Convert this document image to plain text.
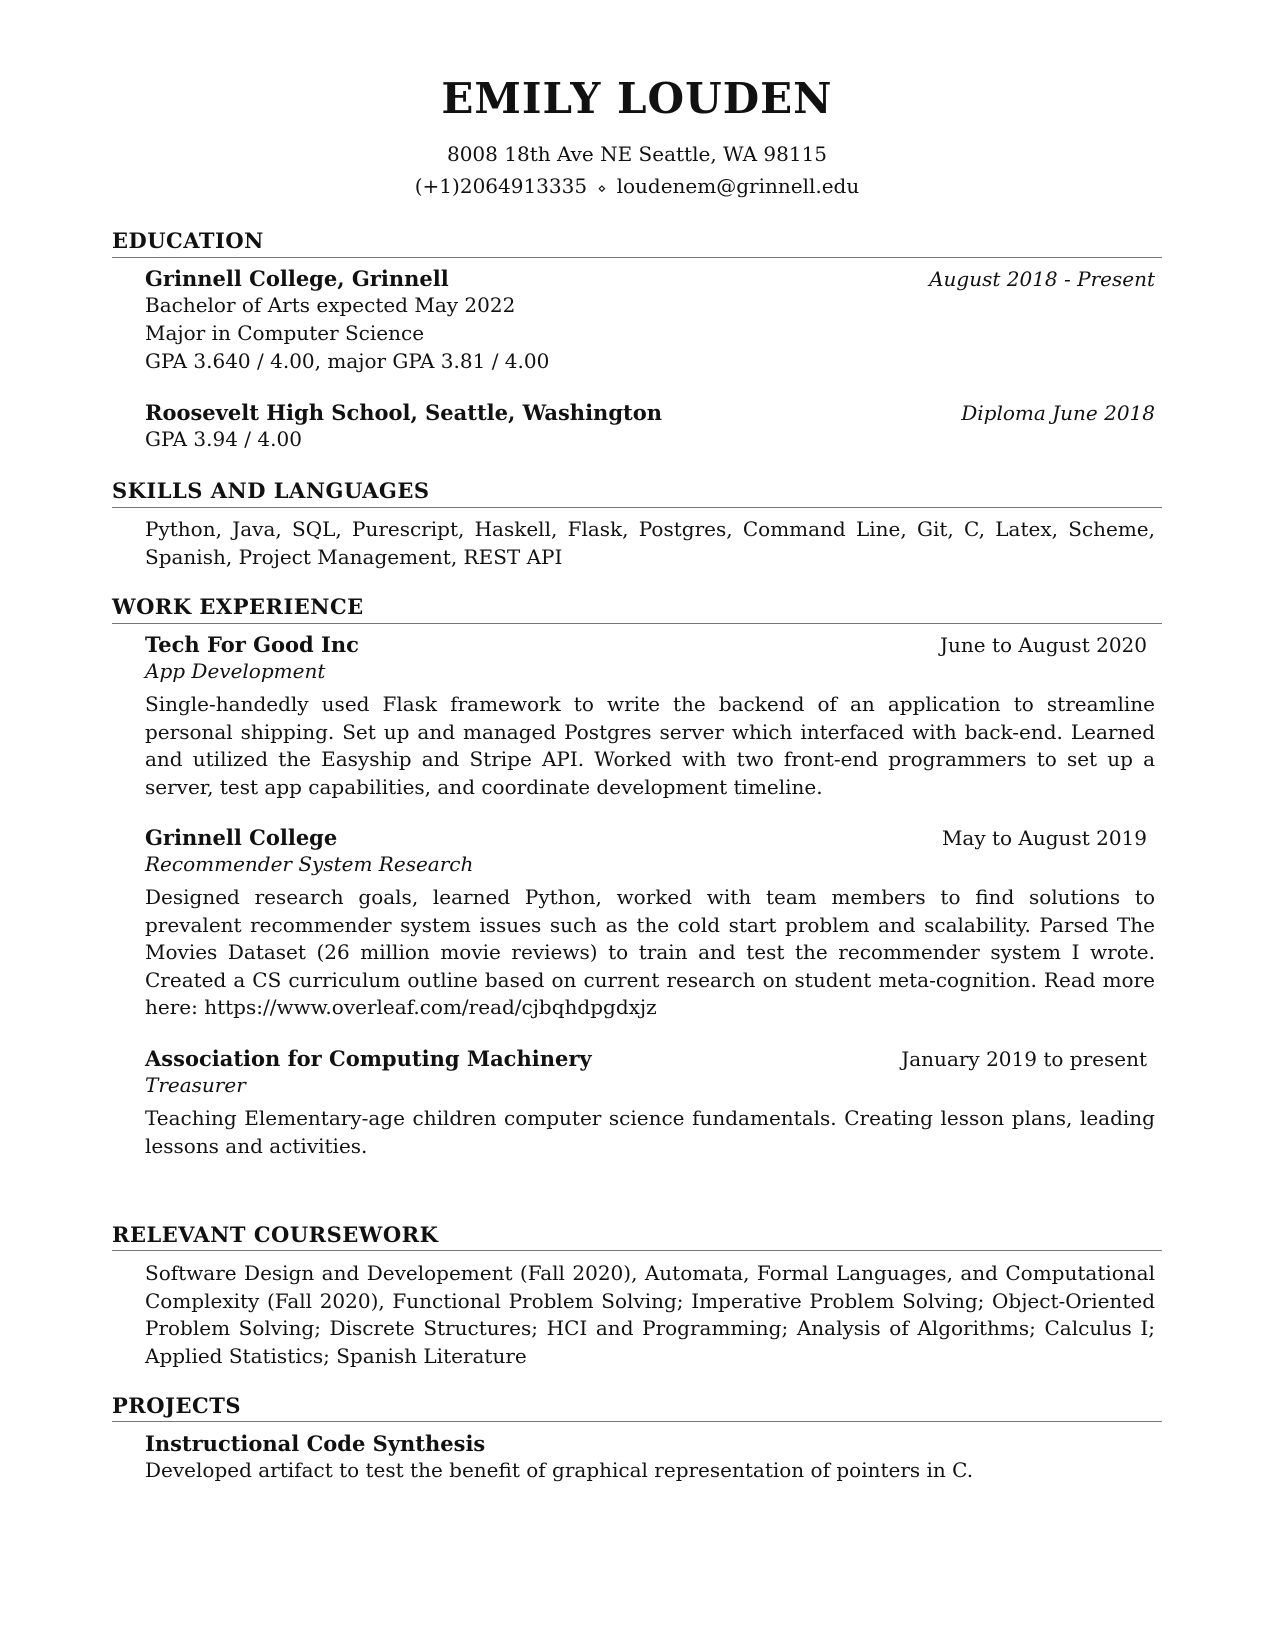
EMILY LOUDEN
8008 18th Ave NE Seattle, WA 98115
(+1)2064913335 ⋄ loudenem@grinnell.edu
EDUCATION
Grinnell College, Grinnell	August 2018 - Present
Bachelor of Arts expected May 2022
Major in Computer Science
GPA 3.640 / 4.00, major GPA 3.81 / 4.00
Roosevelt High School, Seattle, Washington	Diploma June 2018
GPA 3.94 / 4.00
SKILLS AND LANGUAGES

Python, Java, SQL, Purescript, Haskell, Flask, Postgres, Command Line, Git, C, Latex, Scheme, Spanish, Project Management, REST API

WORK EXPERIENCE
Tech For Good Inc	June to August 2020
App Development

Single-handedly used Flask framework to write the backend of an application to streamline personal shipping. Set up and managed Postgres server which interfaced with back-end. Learned and utilized the Easyship and Stripe API. Worked with two front-end programmers to set up a server, test app capabilities, and coordinate development timeline.

Grinnell College	May to August 2019
Recommender System Research

Designed research goals, learned Python, worked with team members to find solutions to prevalent recommender system issues such as the cold start problem and scalability. Parsed The Movies Dataset (26 million movie reviews) to train and test the recommender system I wrote. Created a CS curriculum outline based on current research on student meta-cognition. Read more here: https://www.overleaf.com/read/cjbqhdpgdxjz

Association for Computing Machinery	January 2019 to present
Treasurer

Teaching Elementary-age children computer science fundamentals. Creating lesson plans, leading lessons and activities.

RELEVANT COURSEWORK

Software Design and Developement (Fall 2020), Automata, Formal Languages, and Computational Complexity (Fall 2020), Functional Problem Solving; Imperative Problem Solving; Object-Oriented Problem Solving; Discrete Structures; HCI and Programming; Analysis of Algorithms; Calculus I; Applied Statistics; Spanish Literature

PROJECTS
Instructional Code Synthesis
Developed artifact to test the benefit of graphical representation of pointers in C.
